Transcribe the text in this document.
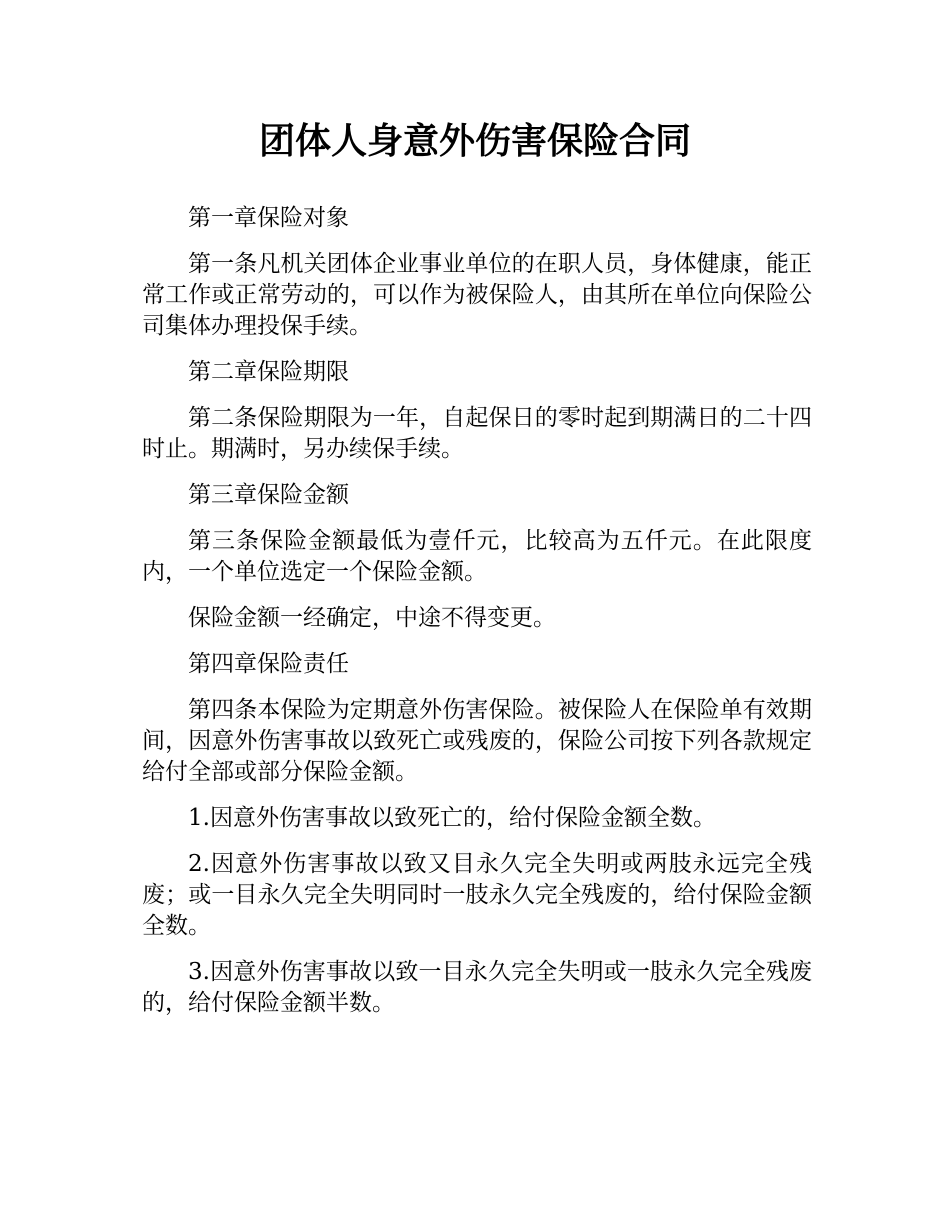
团体人身意外伤害保险合同

第一章保险对象

第一条凡机关团体企业事业单位的在职人员，身体健康，能正常工作或正常劳动的，可以作为被保险人，由其所在单位向保险公司集体办理投保手续。

第二章保险期限

第二条保险期限为一年，自起保日的零时起到期满日的二十四时止。期满时，另办续保手续。

第三章保险金额

第三条保险金额最低为壹仟元，比较高为五仟元。在此限度内，一个单位选定一个保险金额。

保险金额一经确定，中途不得变更。

第四章保险责任

第四条本保险为定期意外伤害保险。被保险人在保险单有效期间，因意外伤害事故以致死亡或残废的，保险公司按下列各款规定给付全部或部分保险金额。

1.因意外伤害事故以致死亡的，给付保险金额全数。

2.因意外伤害事故以致又目永久完全失明或两肢永远完全残废；或一目永久完全失明同时一肢永久完全残废的，给付保险金额全数。

3.因意外伤害事故以致一目永久完全失明或一肢永久完全残废的，给付保险金额半数。
